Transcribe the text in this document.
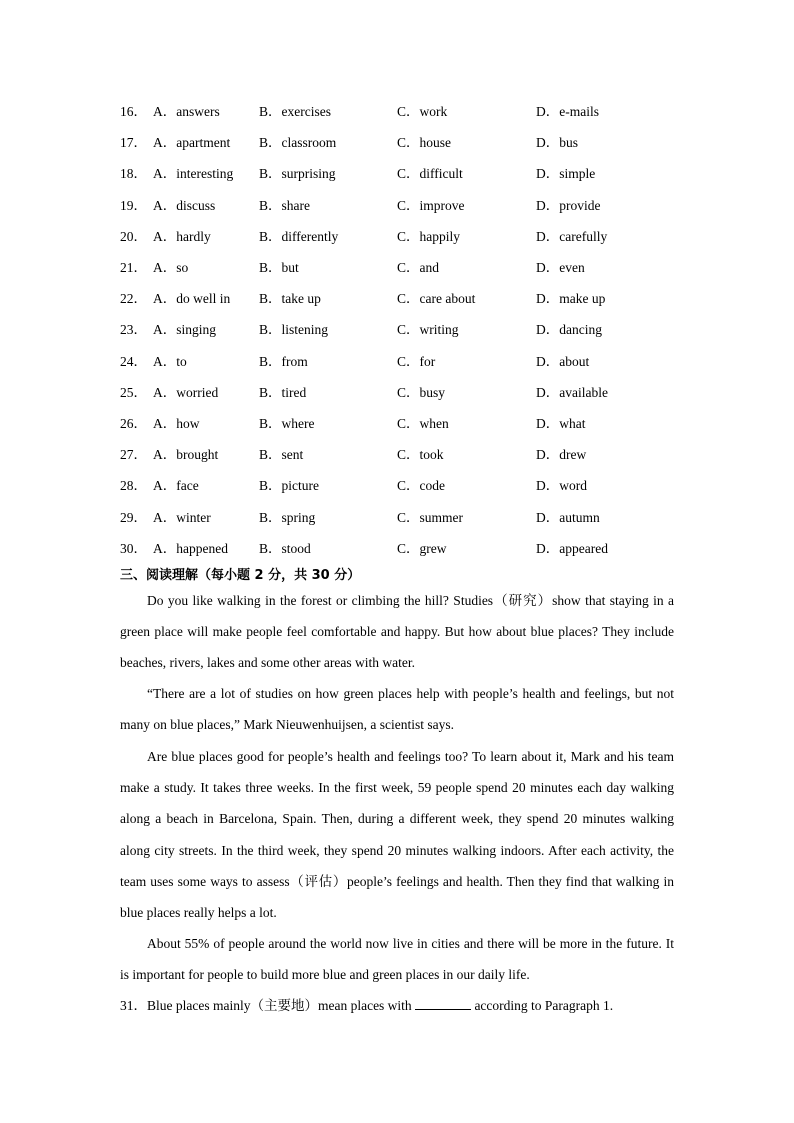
16． A．answers	B．exercises	C．work	D．e-mails
17． A．apartment B．classroom	C．house	D．bus
18． A．interesting B．surprising	C．difficult	D．simple
19． A．discuss	B．share	C．improve	D．provide
20． A．hardly	B．differently	C．happily	D．carefully
21． A．so	B．but	C．and	D．even
22． A．do well in B．take up	C．care about	D．make up
23． A．singing	B．listening	C．writing	D．dancing
24． A．to	B．from	C．for	D．about
25． A．worried	B．tired	C．busy	D．available
26． A．how	B．where	C．when	D．what
27． A．brought	B．sent	C．took	D．drew
28． A．face	B．picture	C．code	D．word
29． A．winter	B．spring	C．summer	D．autumn
30． A．happened B．stood	C．grew	D．appeared
三、阅读理解（每小题 2 分，共 30 分）

Do you like walking in the forest or climbing the hill? Studies（研究）show that staying in a green place will make people feel comfortable and happy. But how about blue places? They include beaches, rivers, lakes and some other areas with water.

“There are a lot of studies on how green places help with people’s health and feelings, but not many on blue places,” Mark Nieuwenhuijsen, a scientist says.

Are blue places good for people’s health and feelings too? To learn about it, Mark and his team make a study. It takes three weeks. In the first week, 59 people spend 20 minutes each day walking along a beach in Barcelona, Spain. Then, during a different week, they spend 20 minutes walking along city streets. In the third week, they spend 20 minutes walking indoors. After each activity, the team uses some ways to assess（评估）people’s feelings and health. Then they find that walking in blue places really helps a lot.

About 55% of people around the world now live in cities and there will be more in the future. It is important for people to build more blue and green places in our daily life.

31．Blue places mainly（主要地）mean places with	according to Paragraph 1.
